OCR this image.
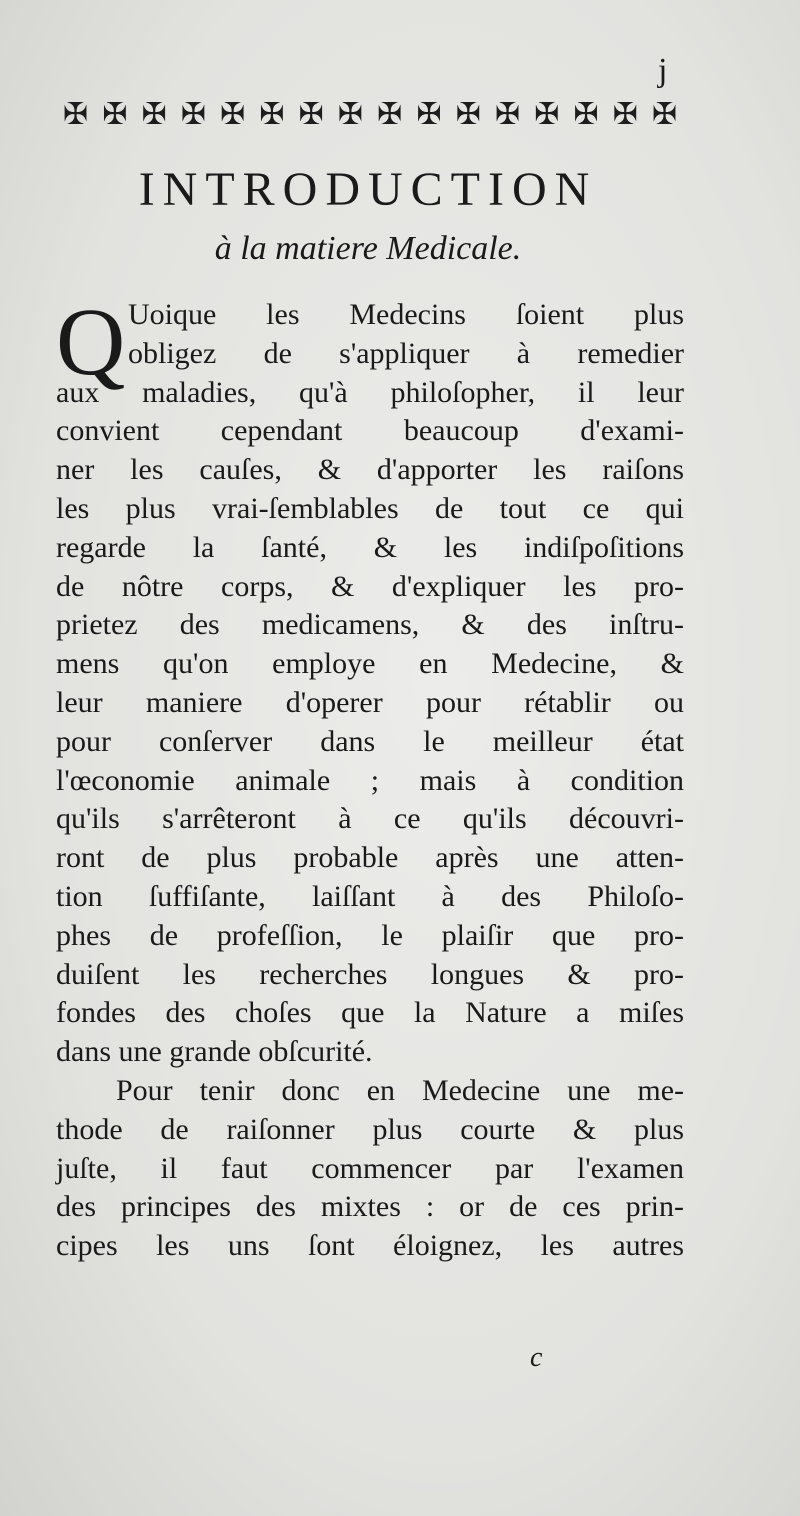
j
✠ ✠ ✠ ✠ ✠ ✠ ✠ ✠ ✠ ✠ ✠ ✠ ✠ ✠ ✠ ✠
INTRODUCTION
à la matiere Medicale.
Q Uoique les Medecins ſoient plus
obligez de s'appliquer à remedier
aux maladies, qu'à philoſopher, il leur
convient cependant beaucoup d'exami-
ner les cauſes, & d'apporter les raiſons
les plus vrai-ſemblables de tout ce qui
regarde la ſanté, & les indiſpoſitions
de nôtre corps, & d'expliquer les pro-
prietez des medicamens, & des inſtru-
mens qu'on employe en Medecine, &
leur maniere d'operer pour rétablir ou
pour conſerver dans le meilleur état
l'œconomie animale ; mais à condition
qu'ils s'arrêteront à ce qu'ils découvri-
ront de plus probable après une atten-
tion ſuffiſante, laiſſant à des Philoſo-
phes de profeſſion, le plaiſir que pro-
duiſent les recherches longues & pro-
fondes des choſes que la Nature a miſes
dans une grande obſcurité.
Pour tenir donc en Medecine une me-
thode de raiſonner plus courte & plus
juſte, il faut commencer par l'examen
des principes des mixtes : or de ces prin-
cipes les uns ſont éloignez, les autres
c
